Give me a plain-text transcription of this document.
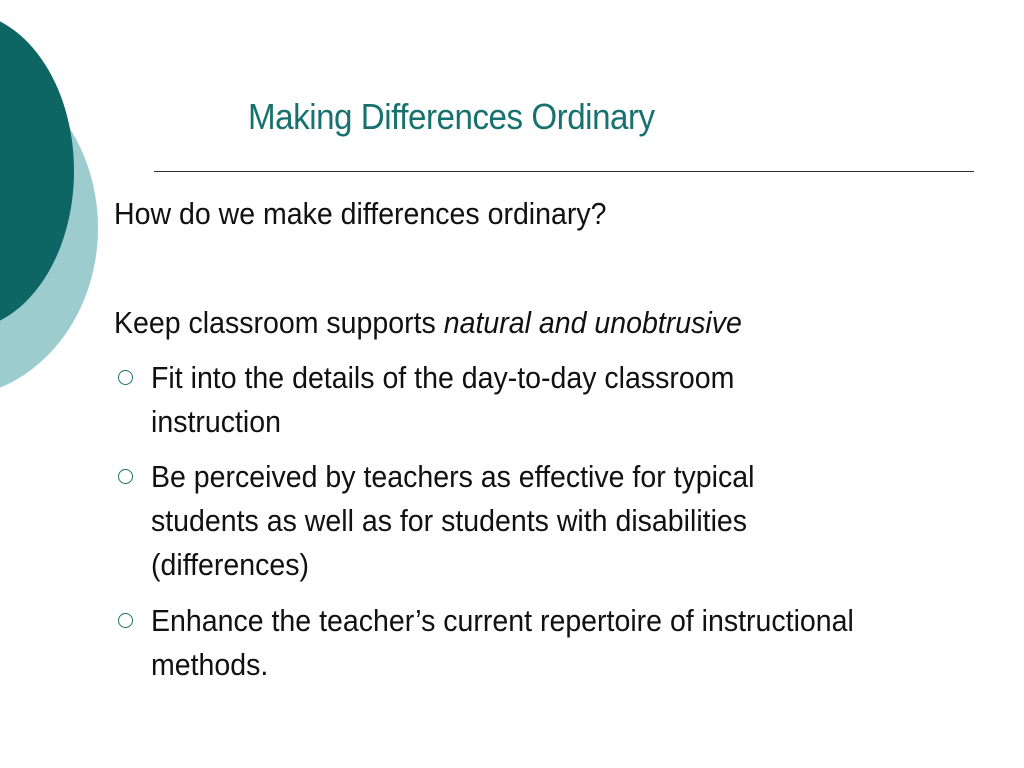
Making Differences Ordinary
How do we make differences ordinary?
Keep classroom supports natural and unobtrusive
Fit into the details of the day-to-day classroom
instruction
Be perceived by teachers as effective for typical
students as well as for students with disabilities
(differences)
Enhance the teacher’s current repertoire of instructional
methods.
